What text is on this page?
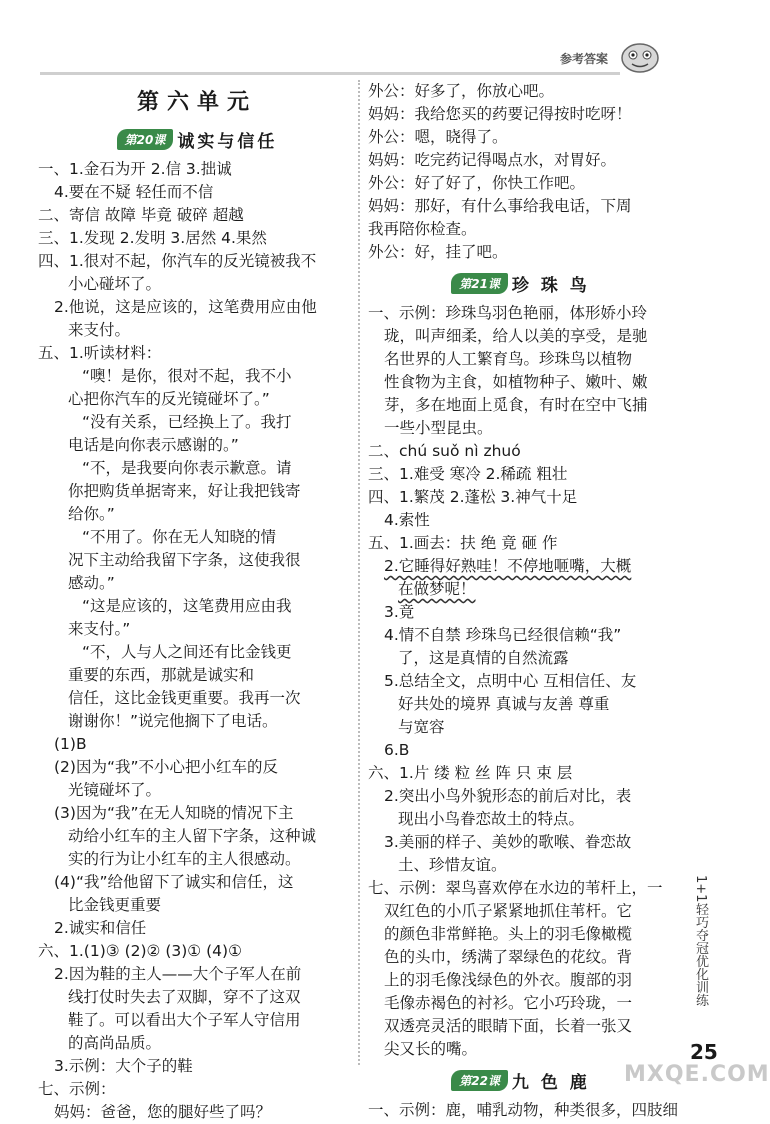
参考答案
第六单元
第20课 诚实与信任
一、1.金石为开 2.信 3.拙诚
4.要在不疑 轻任而不信
二、寄信 故障 毕竟 破碎 超越
三、1.发现 2.发明 3.居然 4.果然
四、1.很对不起，你汽车的反光镜被我不
小心碰坏了。
2.他说，这是应该的，这笔费用应由他
来支付。
五、1.听读材料：
“噢！是你，很对不起，我不小
心把你汽车的反光镜碰坏了。”
“没有关系，已经换上了。我打
电话是向你表示感谢的。”
“不，是我要向你表示歉意。请
你把购货单据寄来，好让我把钱寄
给你。”
“不用了。你在无人知晓的情
况下主动给我留下字条，这使我很
感动。”
“这是应该的，这笔费用应由我
来支付。”
“不，人与人之间还有比金钱更
重要的东西，那就是诚实和
信任，这比金钱更重要。我再一次
谢谢你！”说完他搁下了电话。
(1)B
(2)因为“我”不小心把小红车的反
光镜碰坏了。
(3)因为“我”在无人知晓的情况下主
动给小红车的主人留下字条，这种诚
实的行为让小红车的主人很感动。
(4)“我”给他留下了诚实和信任，这
比金钱更重要
2.诚实和信任
六、1.(1)③ (2)② (3)① (4)①
2.因为鞋的主人——大个子军人在前
线打仗时失去了双脚，穿不了这双
鞋了。可以看出大个子军人守信用
的高尚品质。
3.示例：大个子的鞋
七、示例：
妈妈：爸爸，您的腿好些了吗？
外公：好多了，你放心吧。
妈妈：我给您买的药要记得按时吃呀！
外公：嗯，晓得了。
妈妈：吃完药记得喝点水，对胃好。
外公：好了好了，你快工作吧。
妈妈：那好，有什么事给我电话，下周
我再陪你检查。
外公：好，挂了吧。
第21课 珍 珠 鸟
一、示例：珍珠鸟羽色艳丽，体形娇小玲
珑，叫声细柔，给人以美的享受，是驰
名世界的人工繁育鸟。珍珠鸟以植物
性食物为主食，如植物种子、嫩叶、嫩
芽，多在地面上觅食，有时在空中飞捕
一些小型昆虫。
二、chú suǒ nì zhuó
三、1.难受 寒冷 2.稀疏 粗壮
四、1.繁茂 2.蓬松 3.神气十足
4.索性
五、1.画去：扶 绝 竟 砸 作
2.它睡得好熟哇！不停地咂嘴，大概
在做梦呢！
3.竟
4.情不自禁 珍珠鸟已经很信赖“我”
了，这是真情的自然流露
5.总结全文，点明中心 互相信任、友
好共处的境界 真诚与友善 尊重
与宽容
6.B
六、1.片 缕 粒 丝 阵 只 束 层
2.突出小鸟外貌形态的前后对比，表
现出小鸟眷恋故土的特点。
3.美丽的样子、美妙的歌喉、眷恋故
土、珍惜友谊。
七、示例：翠鸟喜欢停在水边的苇杆上，一
双红色的小爪子紧紧地抓住苇杆。它
的颜色非常鲜艳。头上的羽毛像橄榄
色的头巾，绣满了翠绿色的花纹。背
上的羽毛像浅绿色的外衣。腹部的羽
毛像赤褐色的衬衫。它小巧玲珑，一
双透亮灵活的眼睛下面，长着一张又
尖又长的嘴。
第22课 九 色 鹿
一、示例：鹿，哺乳动物，种类很多，四肢细
1+1轻巧夺冠优化训练
25
MXQE.COM
